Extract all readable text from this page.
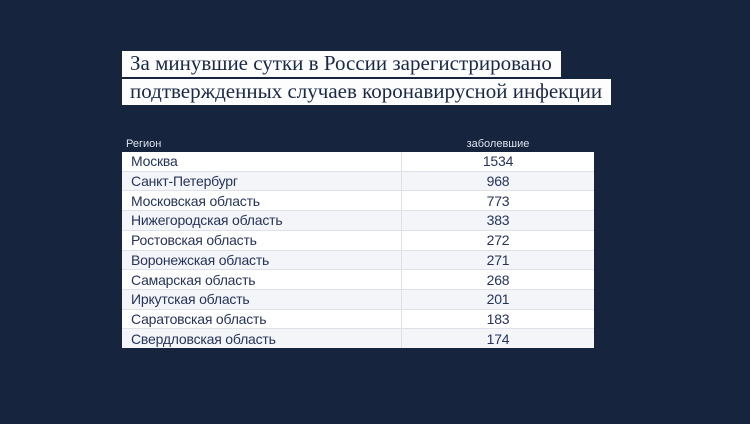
За минувшие сутки в России зарегистрировано
подтвержденных случаев коронавирусной инфекции
Регион	заболевшие
Москва	1534
Санкт-Петербург	968
Московская область	773
Нижегородская область	383
Ростовская область	272
Воронежская область	271
Самарская область	268
Иркутская область	201
Саратовская область	183
Свердловская область	174
